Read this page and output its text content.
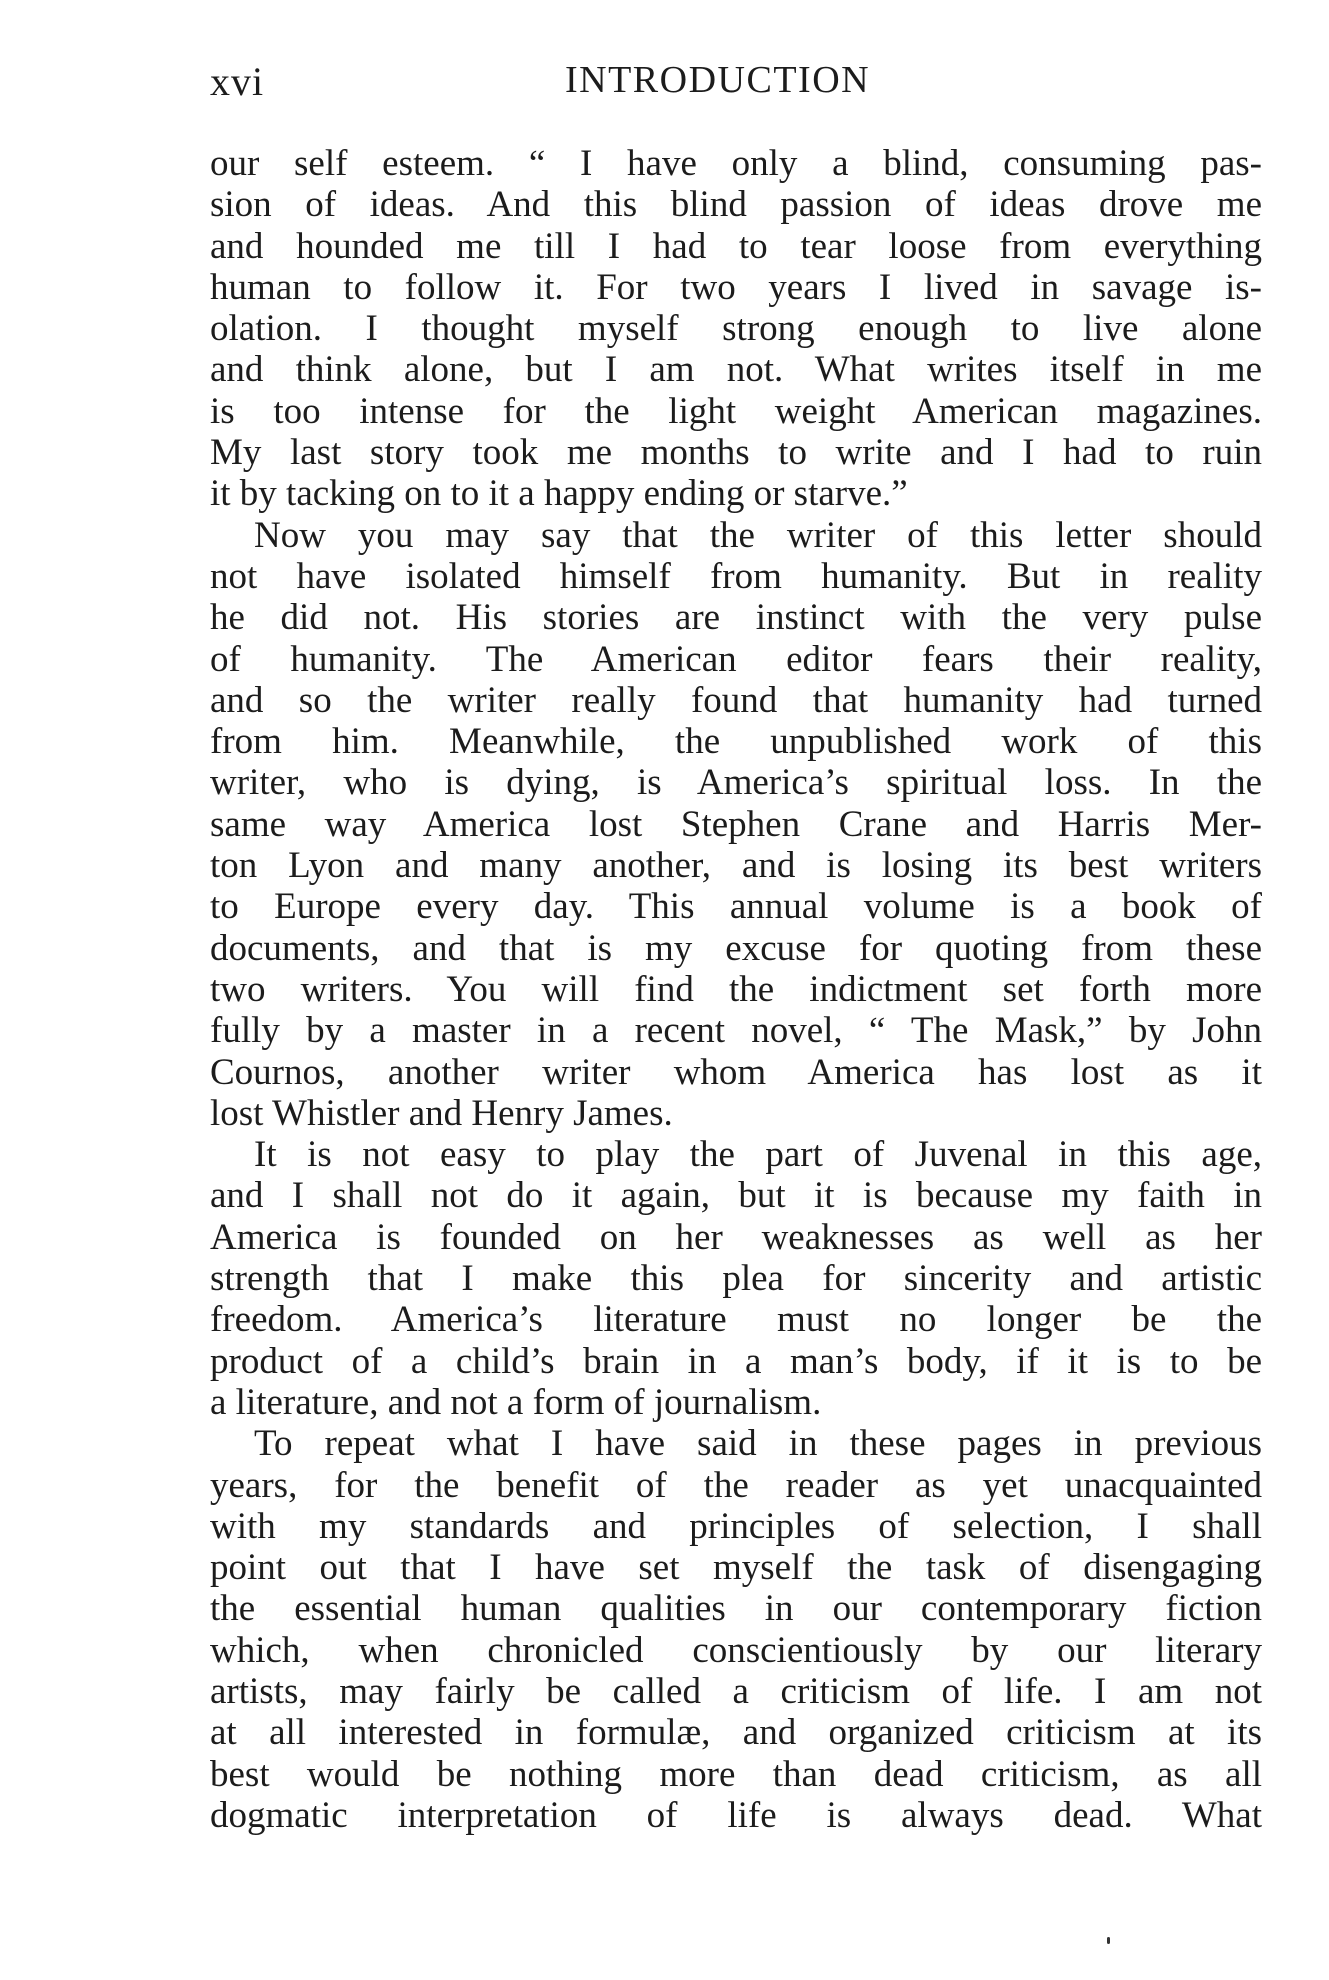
xvi	INTRODUCTION
our self esteem. “ I have only a blind, consuming pas-
sion of ideas. And this blind passion of ideas drove me
and hounded me till I had to tear loose from everything
human to follow it. For two years I lived in savage is-
olation. I thought myself strong enough to live alone
and think alone, but I am not. What writes itself in me
is too intense for the light weight American magazines.
My last story took me months to write and I had to ruin
it by tacking on to it a happy ending or starve.”
Now you may say that the writer of this letter should
not have isolated himself from humanity. But in reality
he did not. His stories are instinct with the very pulse
of humanity. The American editor fears their reality,
and so the writer really found that humanity had turned
from him. Meanwhile, the unpublished work of this
writer, who is dying, is America’s spiritual loss. In the
same way America lost Stephen Crane and Harris Mer-
ton Lyon and many another, and is losing its best writers
to Europe every day. This annual volume is a book of
documents, and that is my excuse for quoting from these
two writers. You will find the indictment set forth more
fully by a master in a recent novel, “ The Mask,” by John
Cournos, another writer whom America has lost as it
lost Whistler and Henry James.
It is not easy to play the part of Juvenal in this age,
and I shall not do it again, but it is because my faith in
America is founded on her weaknesses as well as her
strength that I make this plea for sincerity and artistic
freedom. America’s literature must no longer be the
product of a child’s brain in a man’s body, if it is to be
a literature, and not a form of journalism.
To repeat what I have said in these pages in previous
years, for the benefit of the reader as yet unacquainted
with my standards and principles of selection, I shall
point out that I have set myself the task of disengaging
the essential human qualities in our contemporary fiction
which, when chronicled conscientiously by our literary
artists, may fairly be called a criticism of life. I am not
at all interested in formulæ, and organized criticism at its
best would be nothing more than dead criticism, as all
dogmatic interpretation of life is always dead. What
